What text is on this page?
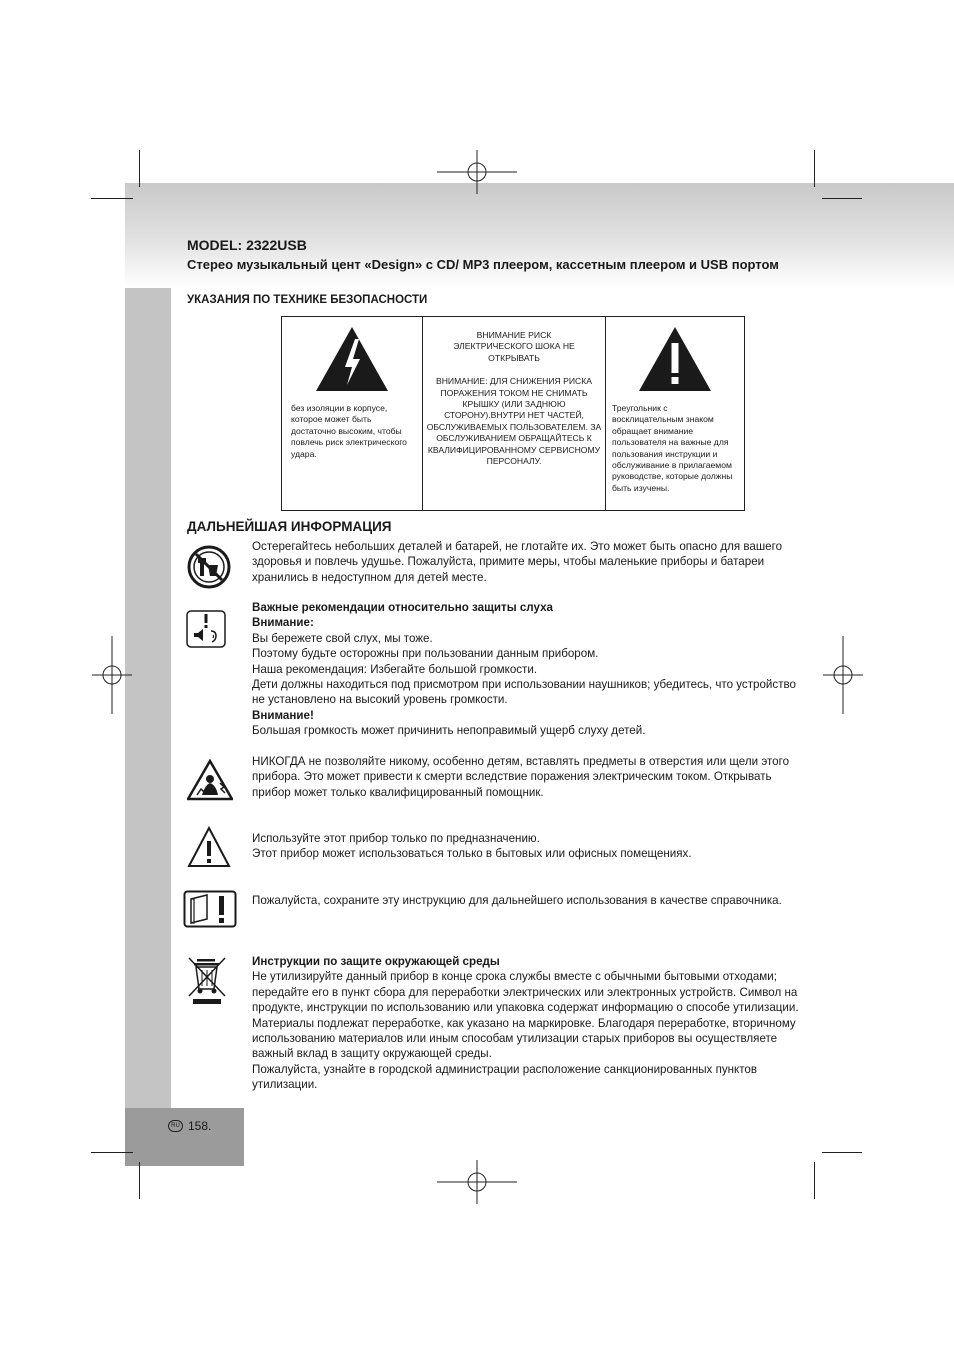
MODEL: 2322USB
Стерео музыкальный цент «Design» с CD/ MP3 плеером, кассетным плеером и USB портом
УКАЗАНИЯ ПО ТЕХНИКЕ БЕЗОПАСНОСТИ
без изоляции в корпусе, которое может быть достаточно высоким, чтобы повлечь риск электрического удара.

ВНИМАНИЕ РИСК ЭЛЕКТРИЧЕСКОГО ШОКА НЕ ОТКРЫВАТЬ
ВНИМАНИЕ: ДЛЯ СНИЖЕНИЯ РИСКА ПОРАЖЕНИЯ ТОКОМ НЕ СНИМАТЬ КРЫШКУ (ИЛИ ЗАДНЮЮ СТОРОНУ).ВНУТРИ НЕТ ЧАСТЕЙ, ОБСЛУЖИВАЕМЫХ ПОЛЬЗОВАТЕЛЕМ. ЗА ОБСЛУЖИВАНИЕМ ОБРАЩАЙТЕСЬ К КВАЛИФИЦИРОВАННОМУ СЕРВИСНОМУ ПЕРСОНАЛУ.

Треугольник с восклицательным знаком обращает внимание пользователя на важные для пользования инструкции и обслуживание в прилагаемом руководстве, которые должны быть изучены.
ДАЛЬНЕЙШАЯ ИНФОРМАЦИЯ

Остерегайтесь небольших деталей и батарей, не глотайте их. Это может быть опасно для вашего здоровья и повлечь удушье. Пожалуйста, примите меры, чтобы маленькие приборы и батареи хранились в недоступном для детей месте.

Важные рекомендации относительно защиты слуха

Внимание:

Вы бережете свой слух, мы тоже.

Поэтому будьте осторожны при пользовании данным прибором.

Наша рекомендация: Избегайте большой громкости.

Дети должны находиться под присмотром при использовании наушников; убедитесь, что устройство не установлено на высокий уровень громкости.

Внимание!

Большая громкость может причинить непоправимый ущерб слуху детей.

НИКОГДА не позволяйте никому, особенно детям, вставлять предметы в отверстия или щели этого прибора. Это может привести к смерти вследствие поражения электрическим током. Открывать прибор может только квалифицированный помощник.

Используйте этот прибор только по предназначению.

Этот прибор может использоваться только в бытовых или офисных помещениях.

Пожалуйста, сохраните эту инструкцию для дальнейшего использования в качестве справочника.

Инструкции по защите окружающей среды

Не утилизируйте данный прибор в конце срока службы вместе с обычными бытовыми отходами; передайте его в пункт сбора для переработки электрических или электронных устройств. Символ на продукте, инструкции по использованию или упаковка содержат информацию о способе утилизации.

Материалы подлежат переработке, как указано на маркировке. Благодаря переработке, вторичному использованию материалов или иным способам утилизации старых приборов вы осуществляете важный вклад в защиту окружающей среды.

Пожалуйста, узнайте в городской администрации расположение санкционированных пунктов утилизации.

RU 158.
